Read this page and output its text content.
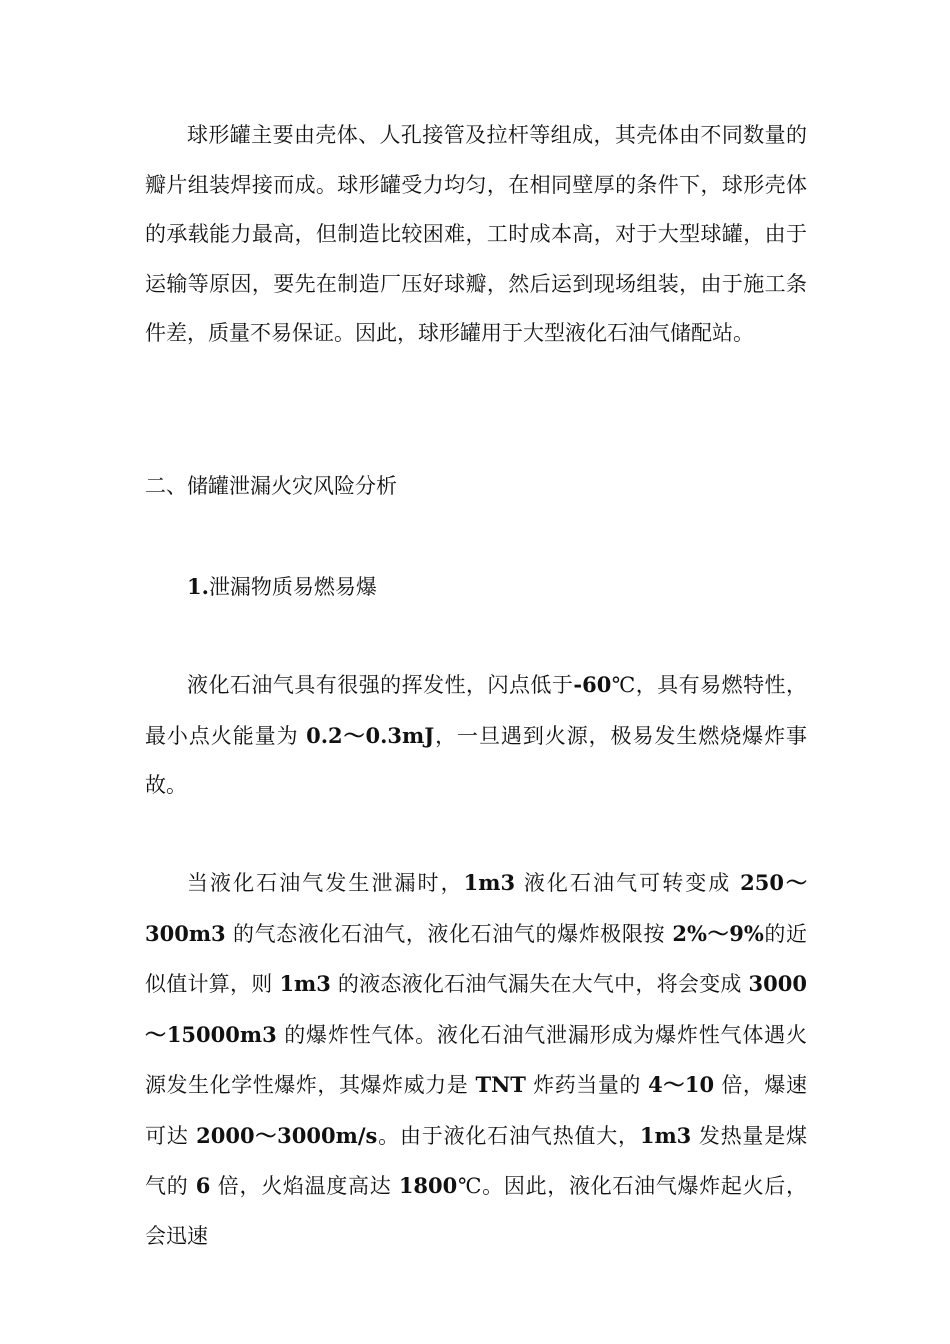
球形罐主要由壳体、人孔接管及拉杆等组成，其壳体由不同数量的瓣片组装焊接而成。球形罐受力均匀，在相同壁厚的条件下，球形壳体的承载能力最高，但制造比较困难，工时成本高，对于大型球罐，由于运输等原因，要先在制造厂压好球瓣，然后运到现场组装，由于施工条件差，质量不易保证。因此，球形罐用于大型液化石油气储配站。

二、储罐泄漏火灾风险分析

1.泄漏物质易燃易爆

液化石油气具有很强的挥发性，闪点低于-60℃，具有易燃特性，最小点火能量为 0.2～0.3mJ，一旦遇到火源，极易发生燃烧爆炸事故。

当液化石油气发生泄漏时，1m3 液化石油气可转变成 250～300m3 的气态液化石油气，液化石油气的爆炸极限按 2%～9%的近似值计算，则 1m3 的液态液化石油气漏失在大气中，将会变成 3000～15000m3 的爆炸性气体。液化石油气泄漏形成为爆炸性气体遇火源发生化学性爆炸，其爆炸威力是 TNT 炸药当量的 4～10 倍，爆速可达 2000～3000m/s。由于液化石油气热值大，1m3 发热量是煤气的 6 倍，火焰温度高达 1800℃。因此，液化石油气爆炸起火后，会迅速
